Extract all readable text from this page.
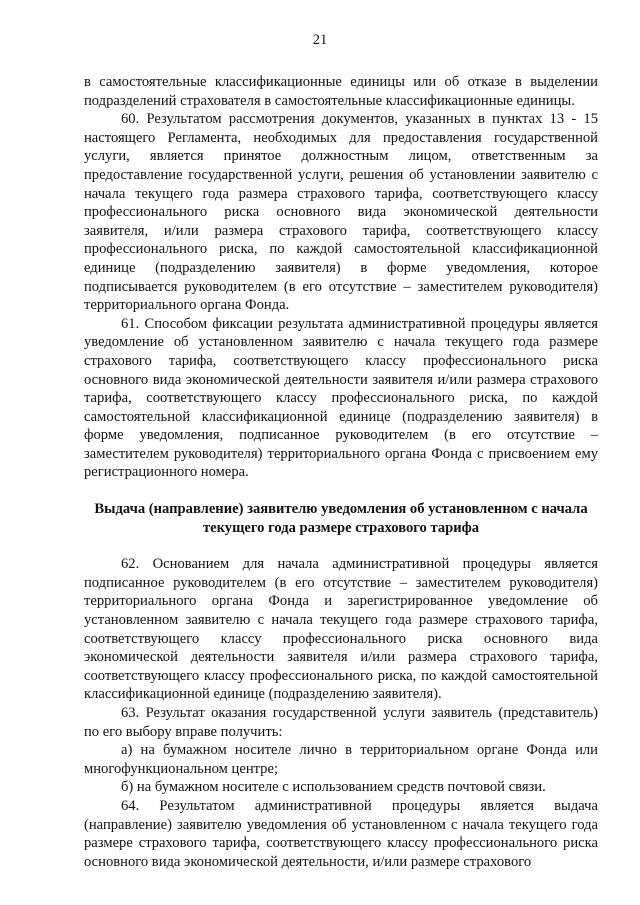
21

в самостоятельные классификационные единицы или об отказе в выделении подразделений страхователя в самостоятельные классификационные единицы.

60. Результатом рассмотрения документов, указанных в пунктах 13 - 15 настоящего Регламента, необходимых для предоставления государственной услуги, является принятое должностным лицом, ответственным за предоставление государственной услуги, решения об установлении заявителю с начала текущего года размера страхового тарифа, соответствующего классу профессионального риска основного вида экономической деятельности заявителя, и/или размера страхового тарифа, соответствующего классу профессионального риска, по каждой самостоятельной классификационной единице (подразделению заявителя) в форме уведомления, которое подписывается руководителем (в его отсутствие – заместителем руководителя) территориального органа Фонда.

61. Способом фиксации результата административной процедуры является уведомление об установленном заявителю с начала текущего года размере страхового тарифа, соответствующего классу профессионального риска основного вида экономической деятельности заявителя и/или размера страхового тарифа, соответствующего классу профессионального риска, по каждой самостоятельной классификационной единице (подразделению заявителя) в форме уведомления, подписанное руководителем (в его отсутствие – заместителем руководителя) территориального органа Фонда с присвоением ему регистрационного номера.

Выдача (направление) заявителю уведомления об установленном с начала текущего года размере страхового тарифа

62. Основанием для начала административной процедуры является подписанное руководителем (в его отсутствие – заместителем руководителя) территориального органа Фонда и зарегистрированное уведомление об установленном заявителю с начала текущего года размере страхового тарифа, соответствующего классу профессионального риска основного вида экономической деятельности заявителя и/или размера страхового тарифа, соответствующего классу профессионального риска, по каждой самостоятельной классификационной единице (подразделению заявителя).

63. Результат оказания государственной услуги заявитель (представитель) по его выбору вправе получить:

а) на бумажном носителе лично в территориальном органе Фонда или многофункциональном центре;

б) на бумажном носителе с использованием средств почтовой связи.

64. Результатом административной процедуры является выдача (направление) заявителю уведомления об установленном с начала текущего года размере страхового тарифа, соответствующего классу профессионального риска основного вида экономической деятельности, и/или размере страхового
